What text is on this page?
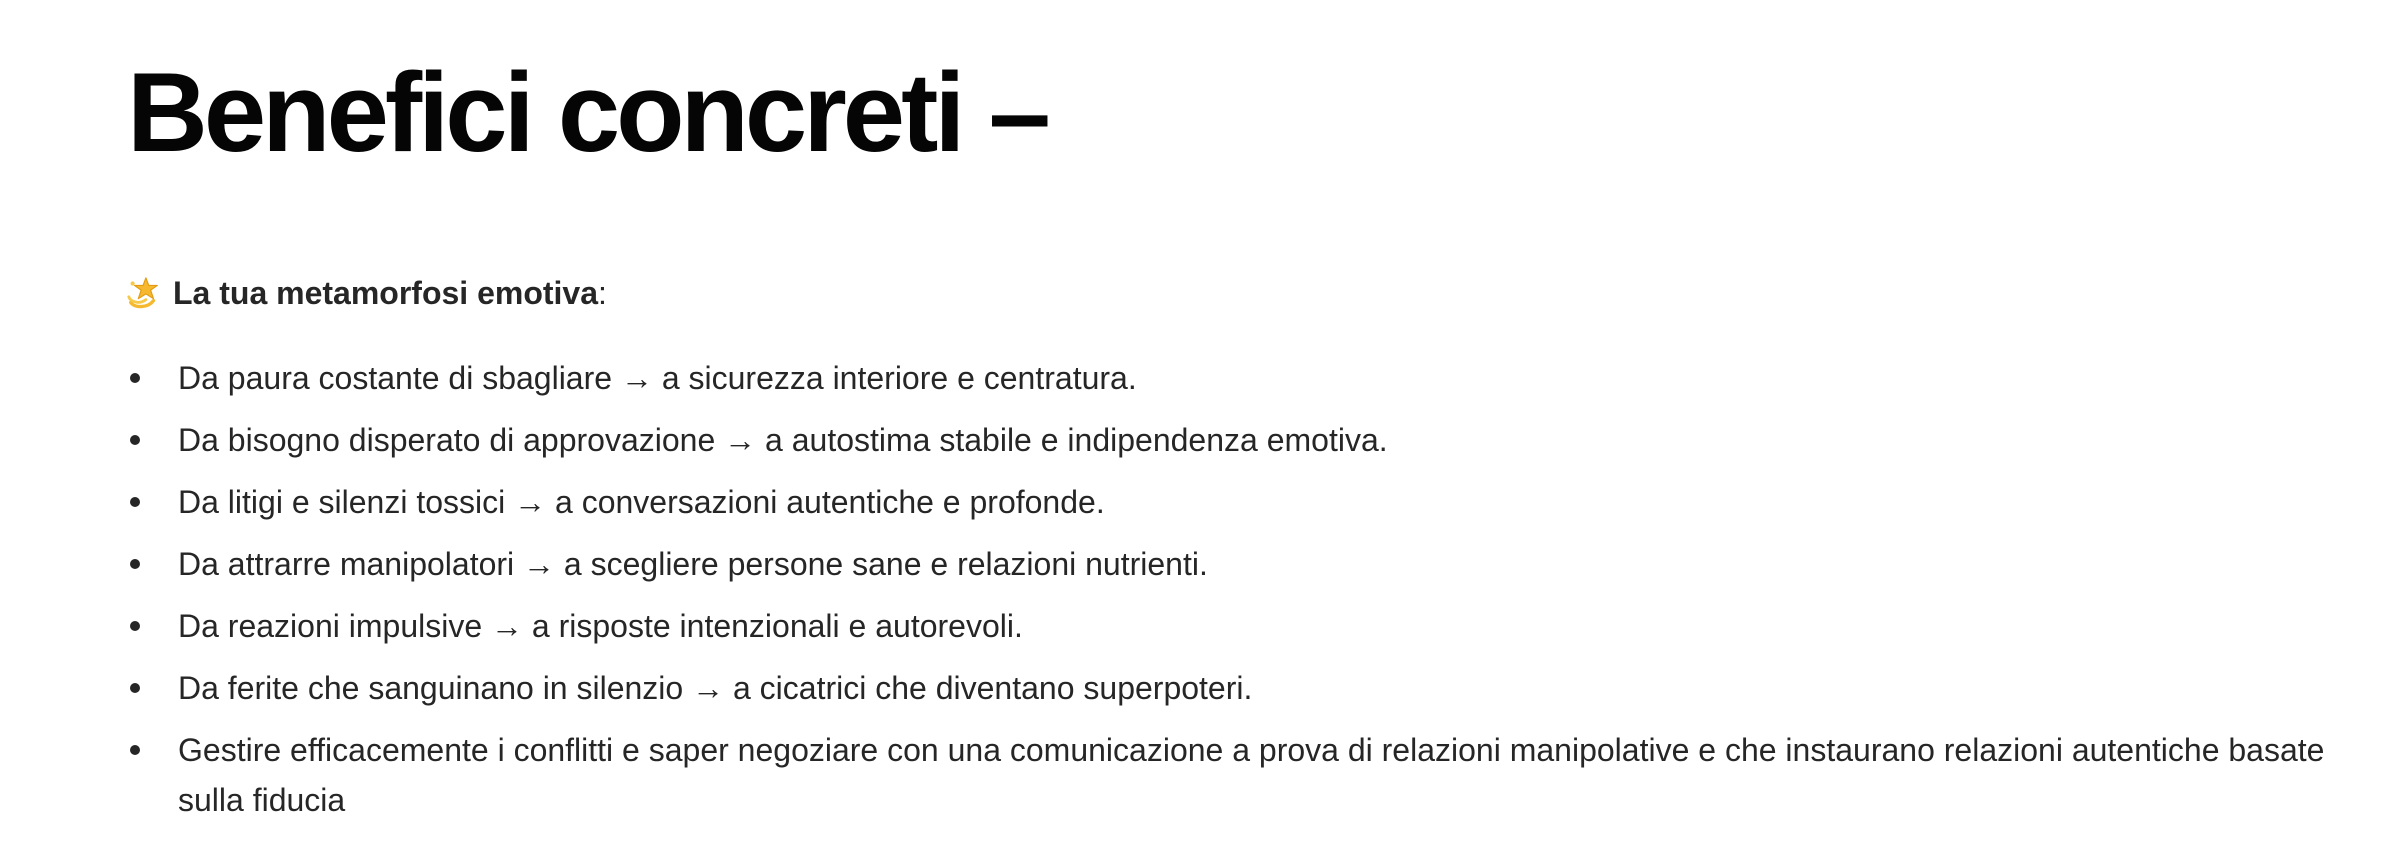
Benefici concreti –
La tua metamorfosi emotiva :
Da paura costante di sbagliare → a sicurezza interiore e centratura.
Da bisogno disperato di approvazione → a autostima stabile e indipendenza emotiva.
Da litigi e silenzi tossici → a conversazioni autentiche e profonde.
Da attrarre manipolatori → a scegliere persone sane e relazioni nutrienti.
Da reazioni impulsive → a risposte intenzionali e autorevoli.
Da ferite che sanguinano in silenzio → a cicatrici che diventano superpoteri.
Gestire efficacemente i conflitti e saper negoziare con una comunicazione a prova di relazioni manipolative e che instaurano relazioni autentiche basate sulla fiducia
